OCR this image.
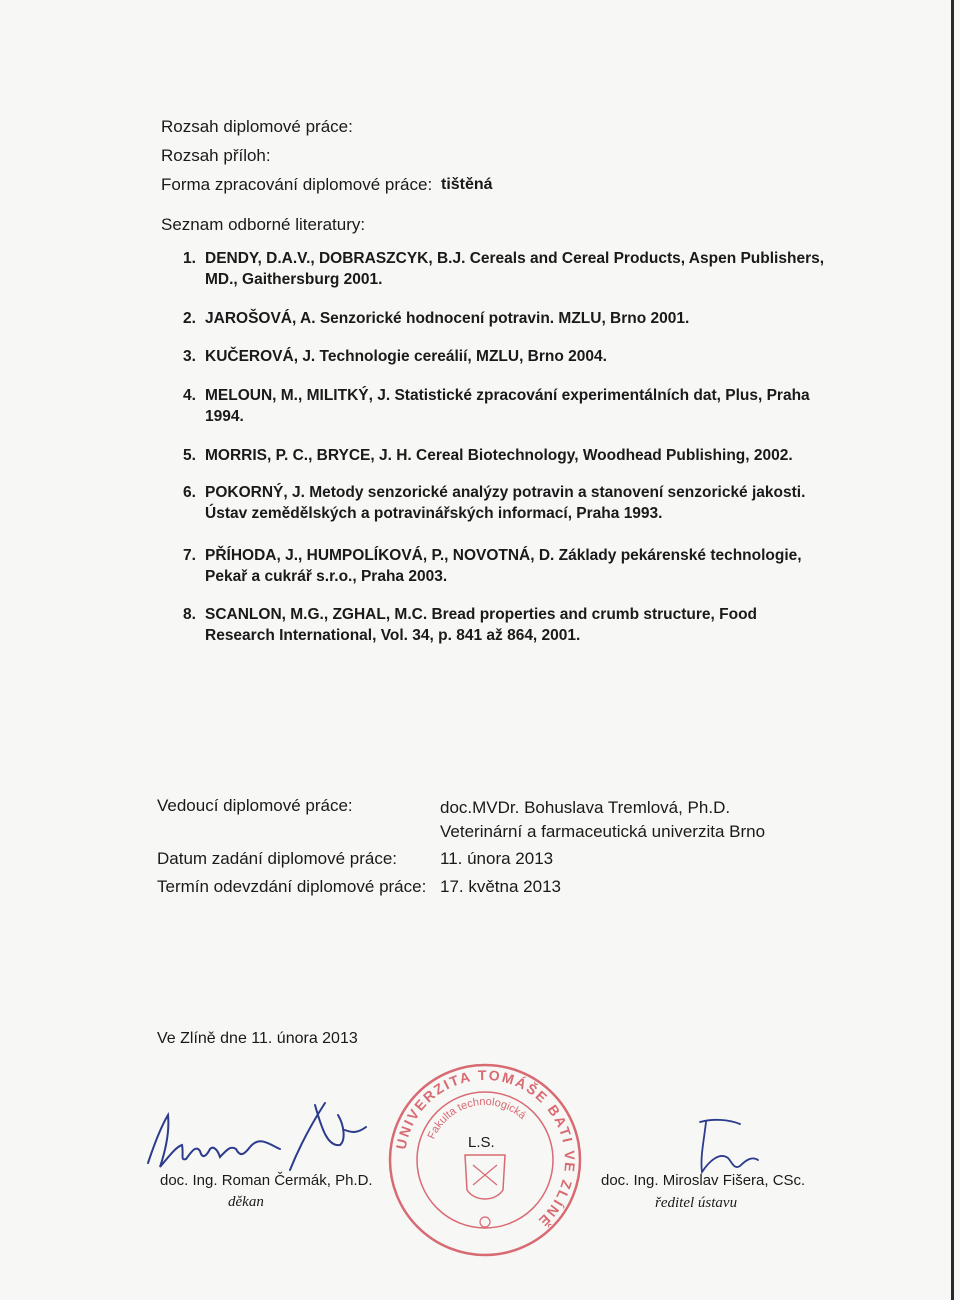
Rozsah diplomové práce:
Rozsah příloh:
Forma zpracování diplomové práce: tištěná
Seznam odborné literatury:
1. DENDY, D.A.V., DOBRASZCYK, B.J. Cereals and Cereal Products, Aspen Publishers,
MD., Gaithersburg 2001.
2. JAROŠOVÁ, A. Senzorické hodnocení potravin. MZLU, Brno 2001.
3. KUČEROVÁ, J. Technologie cereálií, MZLU, Brno 2004.
4. MELOUN, M., MILITKÝ, J. Statistické zpracování experimentálních dat, Plus, Praha
1994.
5. MORRIS, P. C., BRYCE, J. H. Cereal Biotechnology, Woodhead Publishing, 2002.
6. POKORNÝ, J. Metody senzorické analýzy potravin a stanovení senzorické jakosti.
Ústav zemědělských a potravinářských informací, Praha 1993.
7. PŘÍHODA, J., HUMPOLÍKOVÁ, P., NOVOTNÁ, D. Základy pekárenské technologie,
Pekař a cukrář s.r.o., Praha 2003.
8. SCANLON, M.G., ZGHAL, M.C. Bread properties and crumb structure, Food
Research International, Vol. 34, p. 841 až 864, 2001.
Vedoucí diplomové práce:	doc.MVDr. Bohuslava Tremlová, Ph.D.
Veterinární a farmaceutická univerzita Brno
Datum zadání diplomové práce:	11. února 2013
Termín odevzdání diplomové práce: 17. května 2013
Ve Zlíně dne 11. února 2013
UNIVERZITA TOMÁŠE BATI VE ZLÍNĚ
Fakulta technologická
L.S.
doc. Ing. Roman Čermák, Ph.D.
děkan
doc. Ing. Miroslav Fišera, CSc.
ředitel ústavu
